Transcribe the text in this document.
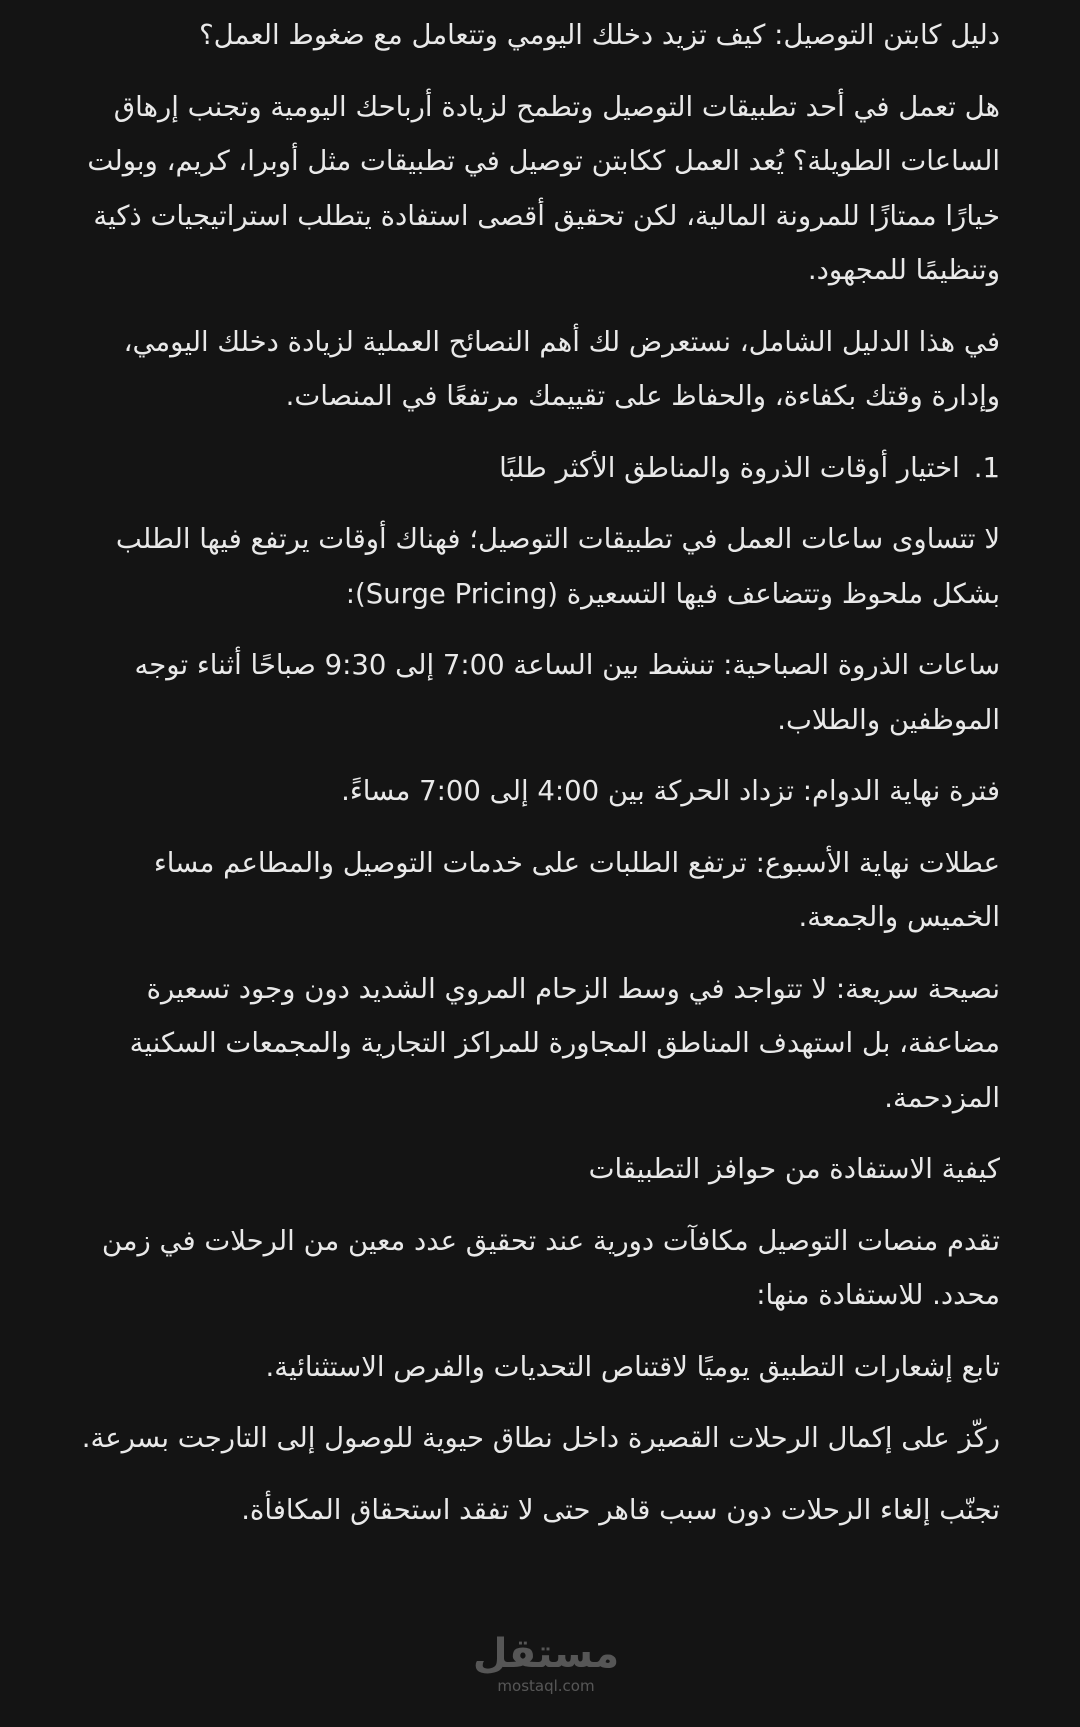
دليل كابتن التوصيل: كيف تزيد دخلك اليومي وتتعامل مع ضغوط العمل؟

هل تعمل في أحد تطبيقات التوصيل وتطمح لزيادة أرباحك اليومية وتجنب إرهاق الساعات الطويلة؟ يُعد العمل ككابتن توصيل في تطبيقات مثل أوبرا، كريم، وبولت خيارًا ممتازًا للمرونة المالية، لكن تحقيق أقصى استفادة يتطلب استراتيجيات ذكية وتنظيمًا للمجهود.

في هذا الدليل الشامل، نستعرض لك أهم النصائح العملية لزيادة دخلك اليومي، وإدارة وقتك بكفاءة، والحفاظ على تقييمك مرتفعًا في المنصات.

1.اختيار أوقات الذروة والمناطق الأكثر طلبًا

لا تتساوى ساعات العمل في تطبيقات التوصيل؛ فهناك أوقات يرتفع فيها الطلب بشكل ملحوظ وتتضاعف فيها التسعيرة (Surge Pricing):

ساعات الذروة الصباحية: تنشط بين الساعة 7:00 إلى 9:30 صباحًا أثناء توجه الموظفين والطلاب.

فترة نهاية الدوام: تزداد الحركة بين 4:00 إلى 7:00 مساءً.

عطلات نهاية الأسبوع: ترتفع الطلبات على خدمات التوصيل والمطاعم مساء الخميس والجمعة.

نصيحة سريعة: لا تتواجد في وسط الزحام المروي الشديد دون وجود تسعيرة مضاعفة، بل استهدف المناطق المجاورة للمراكز التجارية والمجمعات السكنية المزدحمة.

كيفية الاستفادة من حوافز التطبيقات

تقدم منصات التوصيل مكافآت دورية عند تحقيق عدد معين من الرحلات في زمن محدد. للاستفادة منها:

تابع إشعارات التطبيق يوميًا لاقتناص التحديات والفرص الاستثنائية.

ركّز على إكمال الرحلات القصيرة داخل نطاق حيوية للوصول إلى التارجت بسرعة.

تجنّب إلغاء الرحلات دون سبب قاهر حتى لا تفقد استحقاق المكافأة.

مستقل
mostaql.com
